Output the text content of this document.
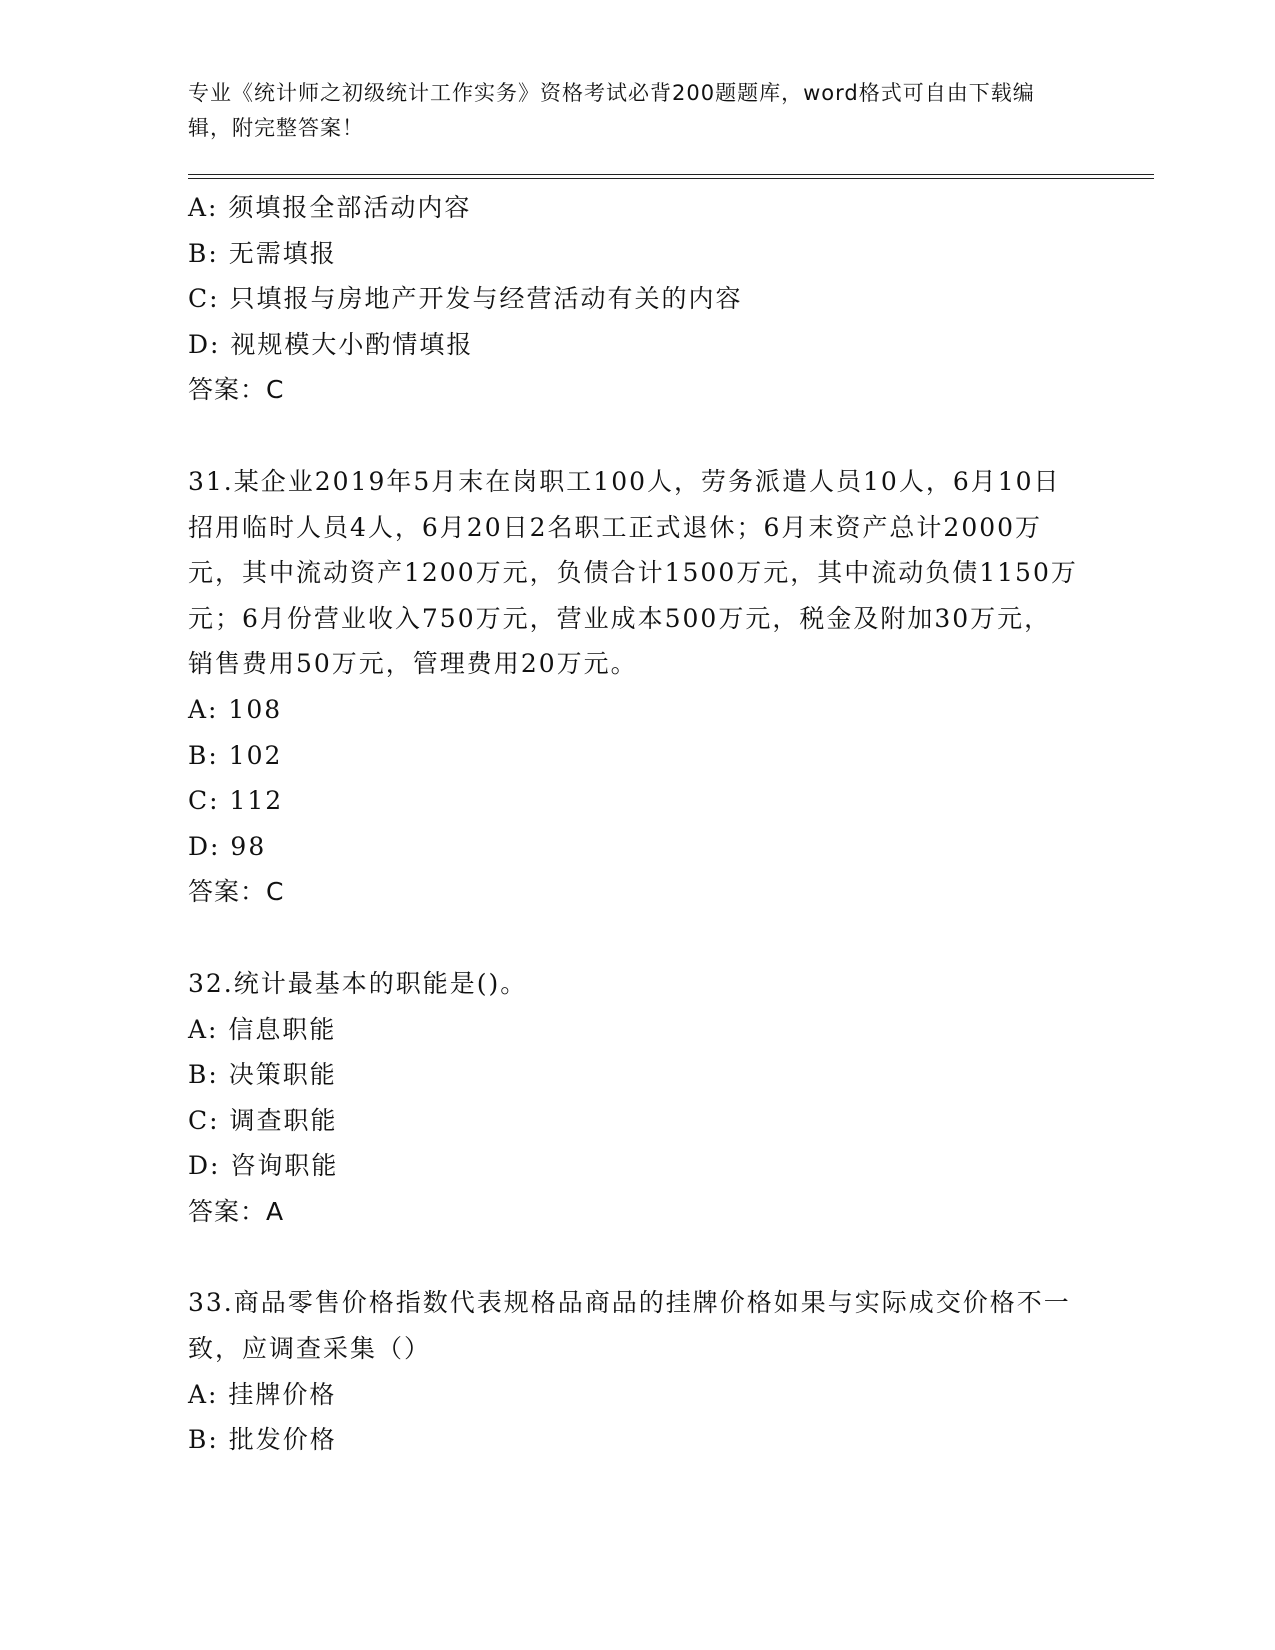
专业《统计师之初级统计工作实务》资格考试必背200题题库，word格式可自由下载编辑，附完整答案！
A: 须填报全部活动内容
B: 无需填报
C: 只填报与房地产开发与经营活动有关的内容
D: 视规模大小酌情填报
答案：C
31.某企业2019年5月末在岗职工100人，劳务派遣人员10人，6月10日招用临时人员4人，6月20日2名职工正式退休；6月末资产总计2000万元，其中流动资产1200万元，负债合计1500万元，其中流动负债1150万元；6月份营业收入750万元，营业成本500万元，税金及附加30万元，销售费用50万元，管理费用20万元。
A: 108
B: 102
C: 112
D: 98
答案：C
32.统计最基本的职能是()。
A: 信息职能
B: 决策职能
C: 调查职能
D: 咨询职能
答案：A
33.商品零售价格指数代表规格品商品的挂牌价格如果与实际成交价格不一致，应调查采集（）
A: 挂牌价格
B: 批发价格
